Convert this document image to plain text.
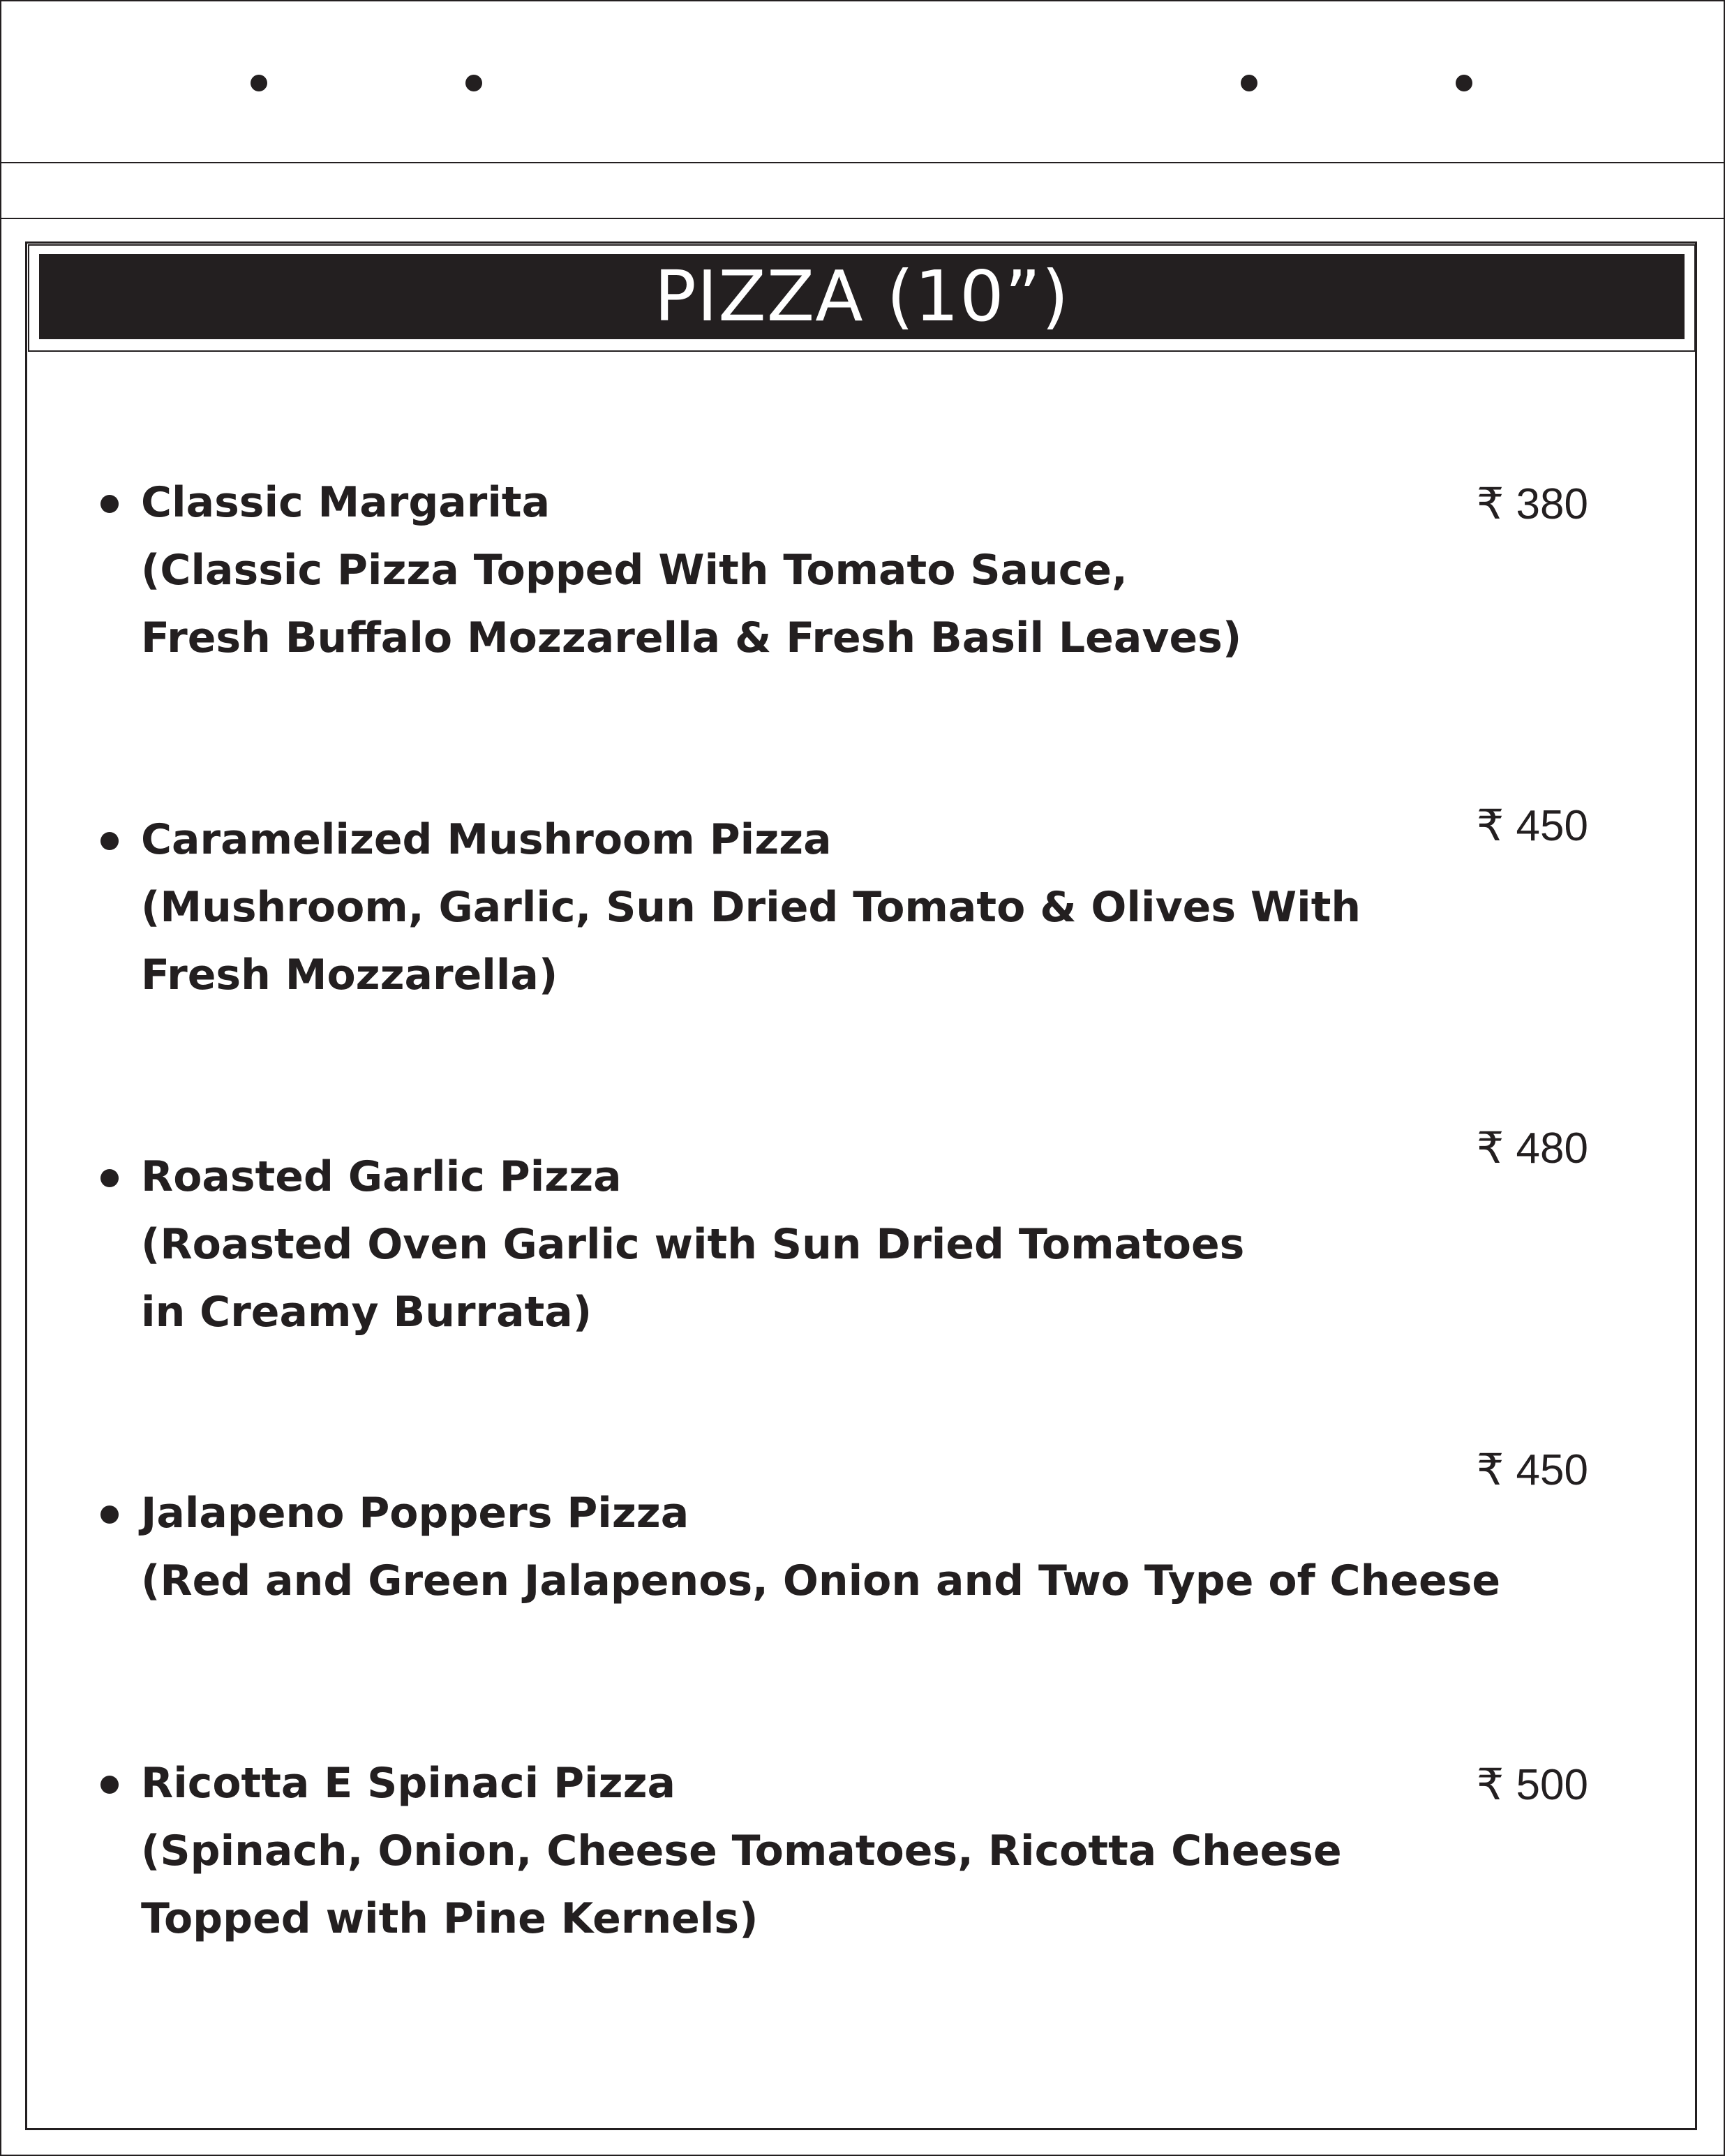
PIZZA (10”)
Classic Margarita
(Classic Pizza Topped With Tomato Sauce,
Fresh Buffalo Mozzarella & Fresh Basil Leaves)
₹ 380
Caramelized Mushroom Pizza
(Mushroom, Garlic, Sun Dried Tomato & Olives With
Fresh Mozzarella)
₹ 450
Roasted Garlic Pizza
(Roasted Oven Garlic with Sun Dried Tomatoes
in Creamy Burrata)
₹ 480
Jalapeno Poppers Pizza
(Red and Green Jalapenos, Onion and Two Type of Cheese
₹ 450
Ricotta E Spinaci Pizza
(Spinach, Onion, Cheese Tomatoes, Ricotta Cheese
Topped with Pine Kernels)
₹ 500
